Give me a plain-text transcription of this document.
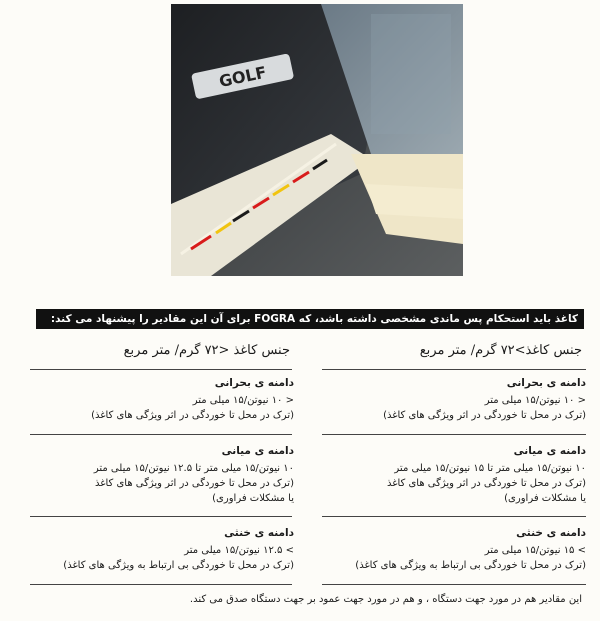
GOLF
کاغذ باید استحکام پس ماندی مشخصی داشته باشد، که FOGRA برای آن این مقادیر را پیشنهاد می کند:
جنس کاغذ <۷۲ گرم/ متر مربع	جنس کاغذ>۷۲ گرم/ متر مربع
دامنه ی بحرانی
< ۱۰ نیوتن/۱۵ میلی متر
(ترک در محل تا خوردگی در اثر ویژگی های کاغذ)
دامنه ی میانی
۱۰ نیوتن/۱۵ میلی متر تا ۱۲.۵ نیوتن/۱۵ میلی متر
(ترک در محل تا خوردگی در اثر ویژگی های کاغذ
یا مشکلات فراوری)
دامنه ی خنثی
> ۱۲.۵ نیوتن/۱۵ میلی متر
(ترک در محل تا خوردگی بی ارتباط به ویژگی های کاغذ)
دامنه ی بحرانی
< ۱۰ نیوتن/۱۵ میلی متر
(ترک در محل تا خوردگی در اثر ویژگی های کاغذ)
دامنه ی میانی
۱۰ نیوتن/۱۵ میلی متر تا ۱۵ نیوتن/۱۵ میلی متر
(ترک در محل تا خوردگی در اثر ویژگی های کاغذ
یا مشکلات فراوری)
دامنه ی خنثی
> ۱۵ نیوتن/۱۵ میلی متر
(ترک در محل تا خوردگی بی ارتباط به ویژگی های کاغذ)
این مقادیر هم در مورد جهت دستگاه ، و هم در مورد جهت عمود بر جهت دستگاه صدق می کند.
